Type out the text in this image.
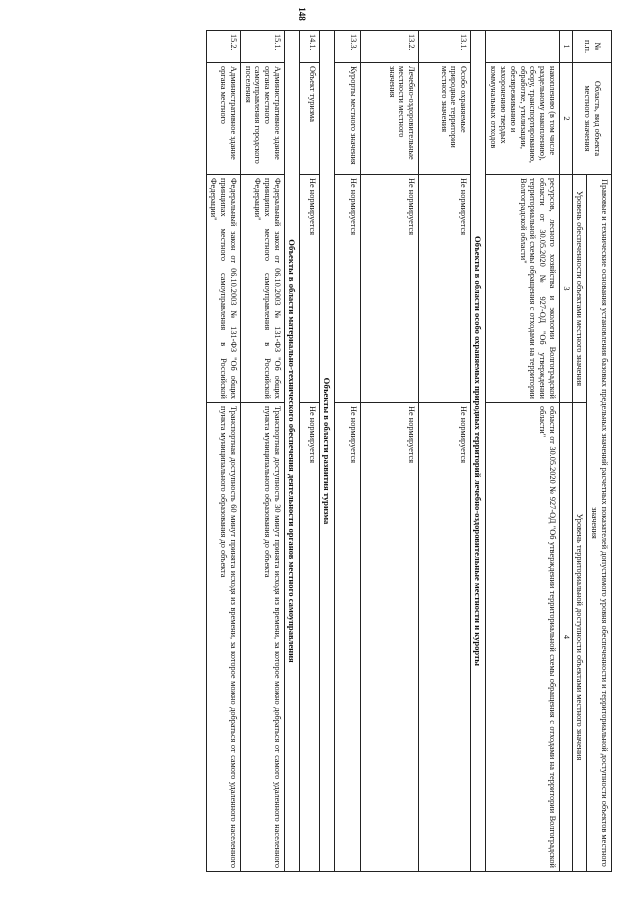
148
№
п.п.	Область, вид объекта местного значения	Правовые и технические основания установления базовых предельных значений расчетных показателей допустимого уровня обеспеченности и территориальной доступности объектов местного значения	
		Уровень обеспеченности объектами местного значения	Уровень территориальной доступности объектами местного значения
1	2	3	4
	накоплению (в том числе раздельному накоплению), сбору, транспортированию, обработке, утилизации, обезвреживанию и захоронению твердых коммунальных отходов	ресурсов, лесного хозяйства и экологии Волгоградской области от 30.05.2020 № 927-ОД "Об утверждении территориальной схемы обращения с отходами на территории Волгоградской области"	области от 30.05.2020 № 927-ОД "Об утверждении территориальной схемы обращения с отходами на территории Волгоградской области"
Объекты в области особо охраняемых природных территорий лечебно-оздоровительные местности и курорты			
13.1.	Особо охраняемые природные территории местного значения	Не нормируется	Не нормируется
13.2.	Лечебно-оздоровительные местности местного значения	Не нормируется	Не нормируется
13.3.	Курорты местного значения	Не нормируется	Не нормируется
Объекты в области развития туризма			
14.1.	Объект туризма	Не нормируется	Не нормируется
Объекты в области материально-технического обеспечения деятельности органов местного самоуправления			
15.1.	Административное здание органа местного самоуправления городского поселения	Федеральный закон от 06.10.2003 № 131-ФЗ "Об общих принципах местного самоуправления в Российской Федерации"	Транспортная доступность 30 минут принята исходя из времени, за которое можно добраться от самого удаленного населенного пункта муниципального образования до объекта
15.2.	Административное здание органа местного	Федеральный закон от 06.10.2003 № 131-ФЗ "Об общих принципах местного самоуправления в Российской Федерации"	Транспортная доступность 60 минут принята исходя из времени, за которое можно добраться от самого удаленного населенного пункта муниципального образования до объекта
